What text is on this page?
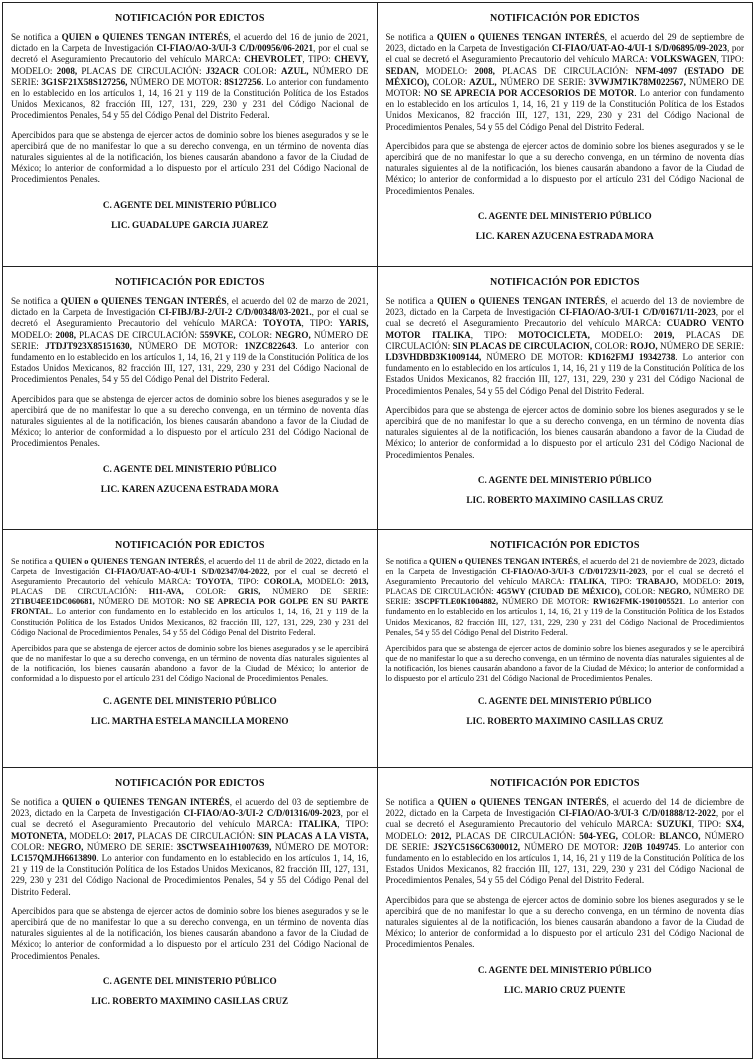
NOTIFICACIÓN POR EDICTOS

Se notifica a QUIEN o QUIENES TENGAN INTERÉS, el acuerdo del 16 de junio de 2021, dictado en la Carpeta de Investigación CI-FIAO/AO-3/UI-3 C/D/00956/06-2021, por el cual se decretó el Aseguramiento Precautorio del vehículo MARCA: CHEVROLET, TIPO: CHEVY, MODELO: 2008, PLACAS DE CIRCULACIÓN: J32ACR COLOR: AZUL, NÚMERO DE SERIE: 3G1SF21X58S127256, NÚMERO DE MOTOR: 8S127256. Lo anterior con fundamento en lo establecido en los artículos 1, 14, 16 21 y 119 de la Constitución Política de los Estados Unidos Mexicanos, 82 fracción III, 127, 131, 229, 230 y 231 del Código Nacional de Procedimientos Penales, 54 y 55 del Código Penal del Distrito Federal.

Apercibidos para que se abstenga de ejercer actos de dominio sobre los bienes asegurados y se le apercibirá que de no manifestar lo que a su derecho convenga, en un término de noventa días naturales siguientes al de la notificación, los bienes causarán abandono a favor de la Ciudad de México; lo anterior de conformidad a lo dispuesto por el artículo 231 del Código Nacional de Procedimientos Penales.

C. AGENTE DEL MINISTERIO PÚBLICO
LIC. GUADALUPE GARCIA JUAREZ
NOTIFICACIÓN POR EDICTOS

Se notifica a QUIEN o QUIENES TENGAN INTERÉS, el acuerdo del 29 de septiembre de 2023, dictado en la Carpeta de Investigación CI-FIAO/UAT-AO-4/UI-1 S/D/06895/09-2023, por el cual se decretó el Aseguramiento Precautorio del vehículo MARCA: VOLKSWAGEN, TIPO: SEDAN, MODELO: 2008, PLACAS DE CIRCULACIÓN: NFM-4097 (ESTADO DE MÉXICO), COLOR: AZUL, NÚMERO DE SERIE: 3VWJM71K78M022567, NÚMERO DE MOTOR: NO SE APRECIA POR ACCESORIOS DE MOTOR. Lo anterior con fundamento en lo establecido en los artículos 1, 14, 16, 21 y 119 de la Constitución Política de los Estados Unidos Mexicanos, 82 fracción III, 127, 131, 229, 230 y 231 del Código Nacional de Procedimientos Penales, 54 y 55 del Código Penal del Distrito Federal.

Apercibidos para que se abstenga de ejercer actos de dominio sobre los bienes asegurados y se le apercibirá que de no manifestar lo que a su derecho convenga, en un término de noventa días naturales siguientes al de la notificación, los bienes causarán abandono a favor de la Ciudad de México; lo anterior de conformidad a lo dispuesto por el artículo 231 del Código Nacional de Procedimientos Penales.

C. AGENTE DEL MINISTERIO PÚBLICO
LIC. KAREN AZUCENA ESTRADA MORA
NOTIFICACIÓN POR EDICTOS

Se notifica a QUIEN o QUIENES TENGAN INTERÉS, el acuerdo del 02 de marzo de 2021, dictado en la Carpeta de Investigación CI-FIBJ/BJ-2/UI-2 C/D/00348/03-2021., por el cual se decretó el Aseguramiento Precautorio del vehículo MARCA: TOYOTA, TIPO: YARIS, MODELO: 2008, PLACAS DE CIRCULACIÓN: 559VKE, COLOR: NEGRO, NÚMERO DE SERIE: JTDJT923X85151630, NÚMERO DE MOTOR: 1NZC822643. Lo anterior con fundamento en lo establecido en los artículos 1, 14, 16, 21 y 119 de la Constitución Política de los Estados Unidos Mexicanos, 82 fracción III, 127, 131, 229, 230 y 231 del Código Nacional de Procedimientos Penales, 54 y 55 del Código Penal del Distrito Federal.

Apercibidos para que se abstenga de ejercer actos de dominio sobre los bienes asegurados y se le apercibirá que de no manifestar lo que a su derecho convenga, en un término de noventa días naturales siguientes al de la notificación, los bienes causarán abandono a favor de la Ciudad de México; lo anterior de conformidad a lo dispuesto por el artículo 231 del Código Nacional de Procedimientos Penales.

C. AGENTE DEL MINISTERIO PÚBLICO
LIC. KAREN AZUCENA ESTRADA MORA
NOTIFICACIÓN POR EDICTOS

Se notifica a QUIEN o QUIENES TENGAN INTERÉS, el acuerdo del 13 de noviembre de 2023, dictado en la Carpeta de Investigación CI-FIAO/AO-3/UI-1 C/D/01671/11-2023, por el cual se decretó el Aseguramiento Precautorio del vehículo MARCA: CUADRO VENTO MOTOR ITALIKA, TIPO: MOTOCICLETA, MODELO: 2019, PLACAS DE CIRCULACIÓN: SIN PLACAS DE CIRCULACION, COLOR: ROJO, NÚMERO DE SERIE: LD3VHDBD3K1009144, NÚMERO DE MOTOR: KD162FMJ 19342738. Lo anterior con fundamento en lo establecido en los artículos 1, 14, 16, 21 y 119 de la Constitución Política de los Estados Unidos Mexicanos, 82 fracción III, 127, 131, 229, 230 y 231 del Código Nacional de Procedimientos Penales, 54 y 55 del Código Penal del Distrito Federal.

Apercibidos para que se abstenga de ejercer actos de dominio sobre los bienes asegurados y se le apercibirá que de no manifestar lo que a su derecho convenga, en un término de noventa días naturales siguientes al de la notificación, los bienes causarán abandono a favor de la Ciudad de México; lo anterior de conformidad a lo dispuesto por el artículo 231 del Código Nacional de Procedimientos Penales.

C. AGENTE DEL MINISTERIO PÚBLICO
LIC. ROBERTO MAXIMINO CASILLAS CRUZ
NOTIFICACIÓN POR EDICTOS

Se notifica a QUIEN o QUIENES TENGAN INTERÉS, el acuerdo del 11 de abril de 2022, dictado en la Carpeta de Investigación CI-FIAO/UAT-AO-4/UI-1 S/D/02347/04-2022, por el cual se decretó el Aseguramiento Precautorio del vehículo MARCA: TOYOTA, TIPO: COROLA, MODELO: 2013, PLACAS DE CIRCULACIÓN: H11-AVA, COLOR: GRIS, NÚMERO DE SERIE: 2T1BU4EE1DC060681, NÚMERO DE MOTOR: NO SE APRECIA POR GOLPE EN SU PARTE FRONTAL. Lo anterior con fundamento en lo establecido en los artículos 1, 14, 16, 21 y 119 de la Constitución Política de los Estados Unidos Mexicanos, 82 fracción III, 127, 131, 229, 230 y 231 del Código Nacional de Procedimientos Penales, 54 y 55 del Código Penal del Distrito Federal.

Apercibidos para que se abstenga de ejercer actos de dominio sobre los bienes asegurados y se le apercibirá que de no manifestar lo que a su derecho convenga, en un término de noventa días naturales siguientes al de la notificación, los bienes causarán abandono a favor de la Ciudad de México; lo anterior de conformidad a lo dispuesto por el artículo 231 del Código Nacional de Procedimientos Penales.

C. AGENTE DEL MINISTERIO PÚBLICO
LIC. MARTHA ESTELA MANCILLA MORENO
NOTIFICACIÓN POR EDICTOS

Se notifica a QUIEN o QUIENES TENGAN INTERÉS, el acuerdo del 21 de noviembre de 2023, dictado en la Carpeta de Investigación CI-FIAO/AO-3/UI-3 C/D/01723/11-2023, por el cual se decretó el Aseguramiento Precautorio del vehículo MARCA: ITALIKA, TIPO: TRABAJO, MODELO: 2019, PLACAS DE CIRCULACIÓN: 4G5WY (CIUDAD DE MÉXICO), COLOR: NEGRO, NÚMERO DE SERIE: 3SCPFTLE0K1004882, NÚMERO DE MOTOR: RW162FMK-1901005521. Lo anterior con fundamento en lo establecido en los artículos 1, 14, 16, 21 y 119 de la Constitución Política de los Estados Unidos Mexicanos, 82 fracción III, 127, 131, 229, 230 y 231 del Código Nacional de Procedimientos Penales, 54 y 55 del Código Penal del Distrito Federal.

Apercibidos para que se abstenga de ejercer actos de dominio sobre los bienes asegurados y se le apercibirá que de no manifestar lo que a su derecho convenga, en un término de noventa días naturales siguientes al de la notificación, los bienes causarán abandono a favor de la Ciudad de México; lo anterior de conformidad a lo dispuesto por el artículo 231 del Código Nacional de Procedimientos Penales.

C. AGENTE DEL MINISTERIO PÚBLICO
LIC. ROBERTO MAXIMINO CASILLAS CRUZ
NOTIFICACIÓN POR EDICTOS

Se notifica a QUIEN o QUIENES TENGAN INTERÉS, el acuerdo del 03 de septiembre de 2023, dictado en la Carpeta de Investigación CI-FIAO/AO-3/UI-2 C/D/01316/09-2023, por el cual se decretó el Aseguramiento Precautorio del vehículo MARCA: ITALIKA, TIPO: MOTONETA, MODELO: 2017, PLACAS DE CIRCULACIÓN: SIN PLACAS A LA VISTA, COLOR: NEGRO, NÚMERO DE SERIE: 3SCTWSEA1H1007639, NÚMERO DE MOTOR: LC157QMJH6613890. Lo anterior con fundamento en lo establecido en los artículos 1, 14, 16, 21 y 119 de la Constitución Política de los Estados Unidos Mexicanos, 82 fracción III, 127, 131, 229, 230 y 231 del Código Nacional de Procedimientos Penales, 54 y 55 del Código Penal del Distrito Federal.

Apercibidos para que se abstenga de ejercer actos de dominio sobre los bienes asegurados y se le apercibirá que de no manifestar lo que a su derecho convenga, en un término de noventa días naturales siguientes al de la notificación, los bienes causarán abandono a favor de la Ciudad de México; lo anterior de conformidad a lo dispuesto por el artículo 231 del Código Nacional de Procedimientos Penales.

C. AGENTE DEL MINISTERIO PÚBLICO
LIC. ROBERTO MAXIMINO CASILLAS CRUZ
NOTIFICACIÓN POR EDICTOS

Se notifica a QUIEN o QUIENES TENGAN INTERÉS, el acuerdo del 14 de diciembre de 2022, dictado en la Carpeta de Investigación CI-FIAO/AO-3/UI-3 C/D/01888/12-2022, por el cual se decretó el Aseguramiento Precautorio del vehículo MARCA: SUZUKI, TIPO: SX4, MODELO: 2012, PLACAS DE CIRCULACIÓN: 504-YEG, COLOR: BLANCO, NÚMERO DE SERIE: JS2YC51S6C6300012, NÚMERO DE MOTOR: J20B 1049745. Lo anterior con fundamento en lo establecido en los artículos 1, 14, 16, 21 y 119 de la Constitución Política de los Estados Unidos Mexicanos, 82 fracción III, 127, 131, 229, 230 y 231 del Código Nacional de Procedimientos Penales, 54 y 55 del Código Penal del Distrito Federal.

Apercibidos para que se abstenga de ejercer actos de dominio sobre los bienes asegurados y se le apercibirá que de no manifestar lo que a su derecho convenga, en un término de noventa días naturales siguientes al de la notificación, los bienes causarán abandono a favor de la Ciudad de México; lo anterior de conformidad a lo dispuesto por el artículo 231 del Código Nacional de Procedimientos Penales.

C. AGENTE DEL MINISTERIO PÚBLICO
LIC. MARIO CRUZ PUENTE
